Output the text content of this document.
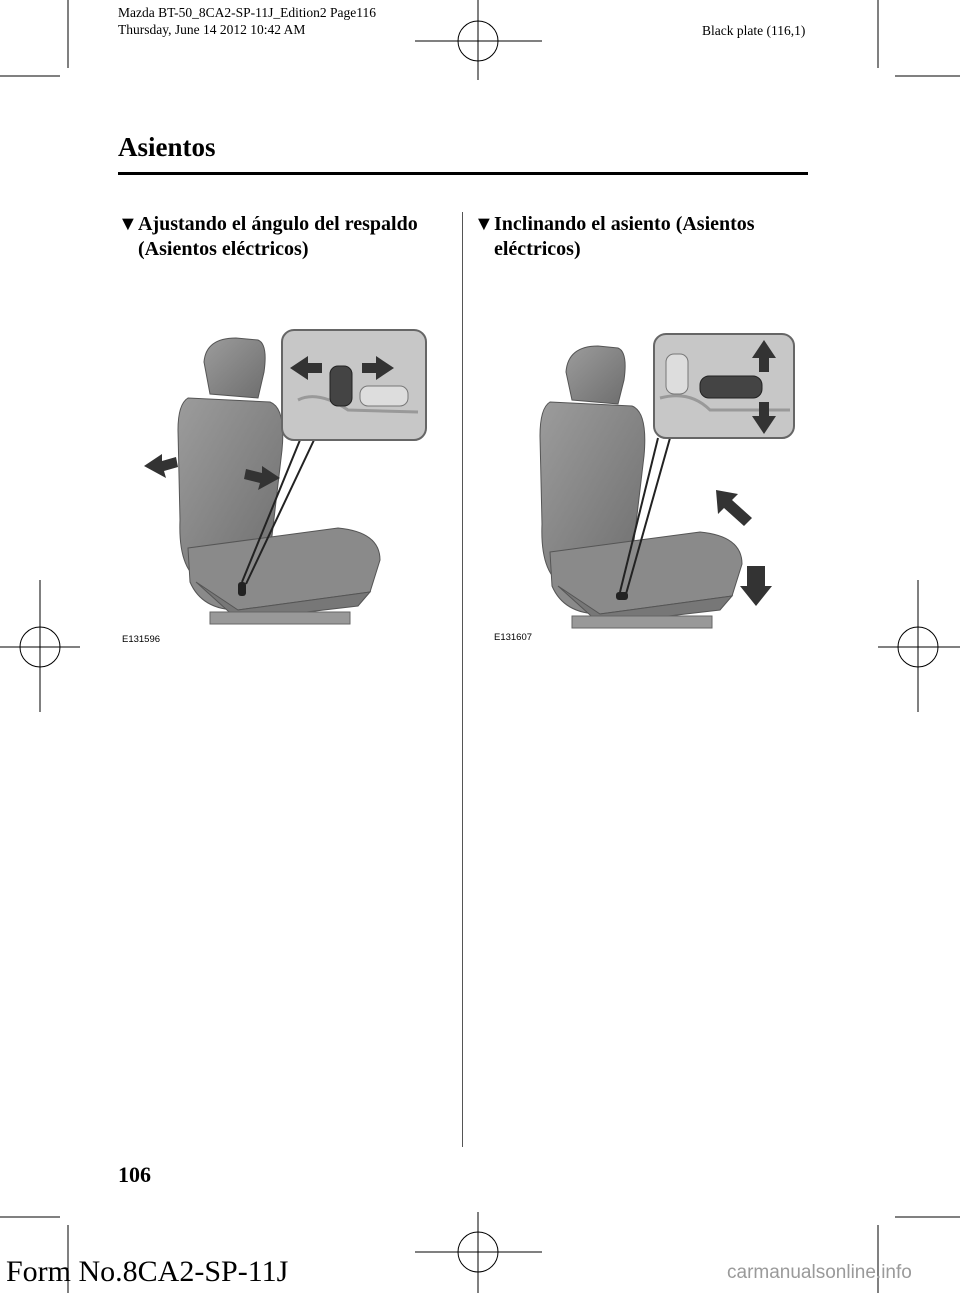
Mazda BT-50_8CA2-SP-11J_Edition2 Page116
Thursday, June 14 2012 10:42 AM	Black plate (116,1)
Asientos
▼Ajustando el ángulo del respaldo
(Asientos eléctricos)
▼Inclinando el asiento (Asientos
eléctricos)
E131596	E131607
106
Form No.8CA2-SP-11J	carmanualsonline.info
